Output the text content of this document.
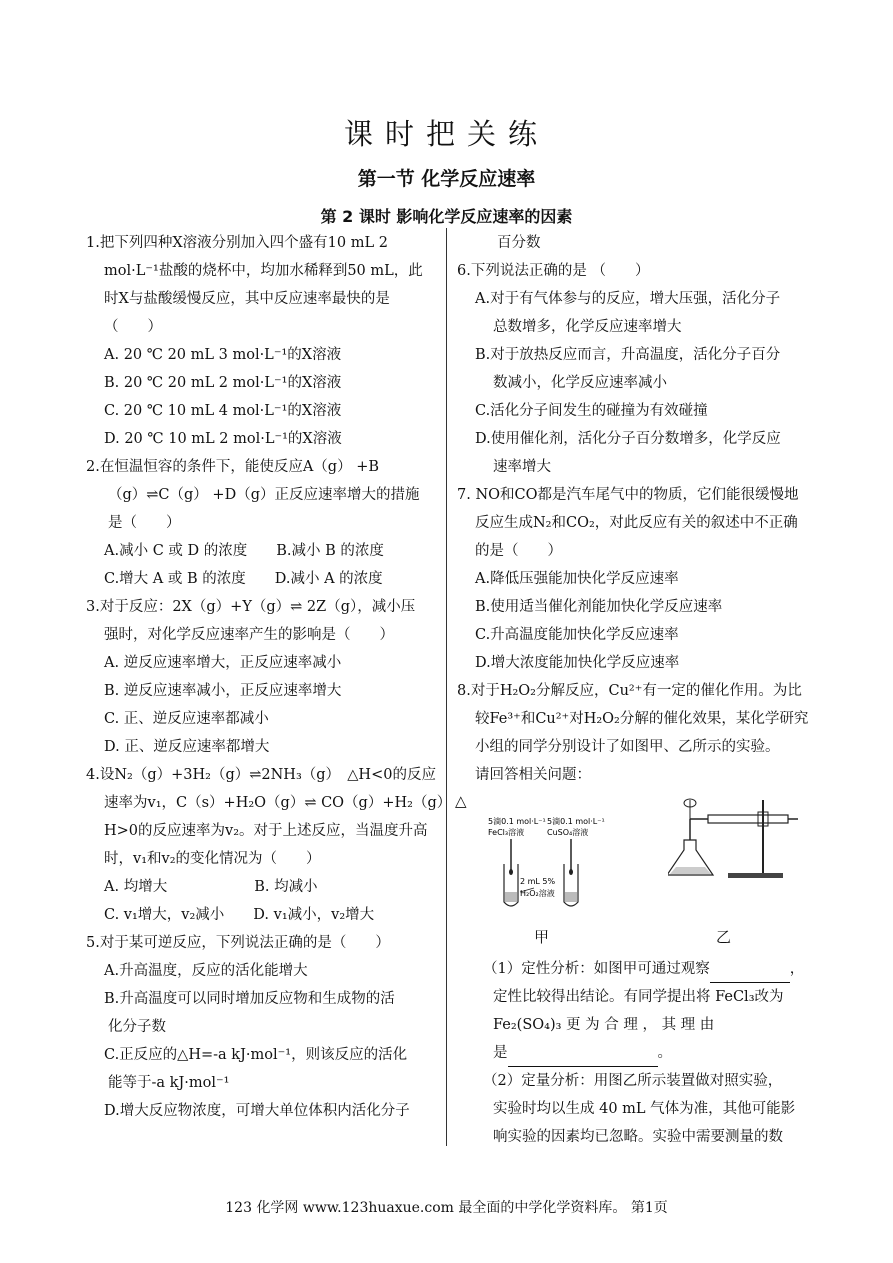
课时把关练
第一节 化学反应速率
第 2 课时 影响化学反应速率的因素
1.把下列四种X溶液分别加入四个盛有10 mL 2
mol·L⁻¹盐酸的烧杯中，均加水稀释到50 mL，此
时X与盐酸缓慢反应，其中反应速率最快的是
（　　）
A. 20 ℃ 20 mL 3 mol·L⁻¹的X溶液
B. 20 ℃ 20 mL 2 mol·L⁻¹的X溶液
C. 20 ℃ 10 mL 4 mol·L⁻¹的X溶液
D. 20 ℃ 10 mL 2 mol·L⁻¹的X溶液
2.在恒温恒容的条件下，能使反应A（g） +B
（g）⇌C（g） +D（g）正反应速率增大的措施
是（　　）
A.减小 C 或 D 的浓度　　B.减小 B 的浓度
C.增大 A 或 B 的浓度　　D.减小 A 的浓度
3.对于反应：2X（g）+Y（g）⇌ 2Z（g），减小压
强时，对化学反应速率产生的影响是（　　）
A. 逆反应速率增大，正反应速率减小
B. 逆反应速率减小，正反应速率增大
C. 正、逆反应速率都减小
D. 正、逆反应速率都增大
4.设N₂（g）+3H₂（g）⇌2NH₃（g）　△H<0的反应
速率为v₁，C（s）+H₂O（g）⇌ CO（g）+H₂（g）
H>0的反应速率为v₂。对于上述反应，当温度升高
时，v₁和v₂的变化情况为（　　）
A. 均增大　　　　　　B. 均减小
C. v₁增大，v₂减小　　D. v₁减小，v₂增大
5.对于某可逆反应，下列说法正确的是（　　）
A.升高温度，反应的活化能增大
B.升高温度可以同时增加反应物和生成物的活
化分子数
C.正反应的△H=-a kJ·mol⁻¹，则该反应的活化
能等于-a kJ·mol⁻¹
D.增大反应物浓度，可增大单位体积内活化分子
百分数
6.下列说法正确的是 （　　）
A.对于有气体参与的反应，增大压强，活化分子
总数增多，化学反应速率增大
B.对于放热反应而言，升高温度，活化分子百分
数减小，化学反应速率减小
C.活化分子间发生的碰撞为有效碰撞
D.使用催化剂，活化分子百分数增多，化学反应
速率增大
7. NO和CO都是汽车尾气中的物质，它们能很缓慢地
反应生成N₂和CO₂，对此反应有关的叙述中不正确
的是（　　）
A.降低压强能加快化学反应速率
B.使用适当催化剂能加快化学反应速率
C.升高温度能加快化学反应速率
D.增大浓度能加快化学反应速率
8.对于H₂O₂分解反应，Cu²⁺有一定的催化作用。为比
较Fe³⁺和Cu²⁺对H₂O₂分解的催化效果，某化学研究
小组的同学分别设计了如图甲、乙所示的实验。
请回答相关问题：
△
5滴0.1 mol·L⁻¹
FeCl₃溶液
5滴0.1 mol·L⁻¹
CuSO₄溶液
2 mL 5%
H₂O₂溶液
甲	乙
（1）定性分析：如图甲可通过观察	，
定性比较得出结论。有同学提出将 FeCl₃改为
Fe₂(SO₄)₃ 更 为 合 理 ， 其 理 由
是	。
（2）定量分析：用图乙所示装置做对照实验，
实验时均以生成 40 mL 气体为准，其他可能影
响实验的因素均已忽略。实验中需要测量的数
123 化学网 www.123huaxue.com 最全面的中学化学资料库。 第1页
